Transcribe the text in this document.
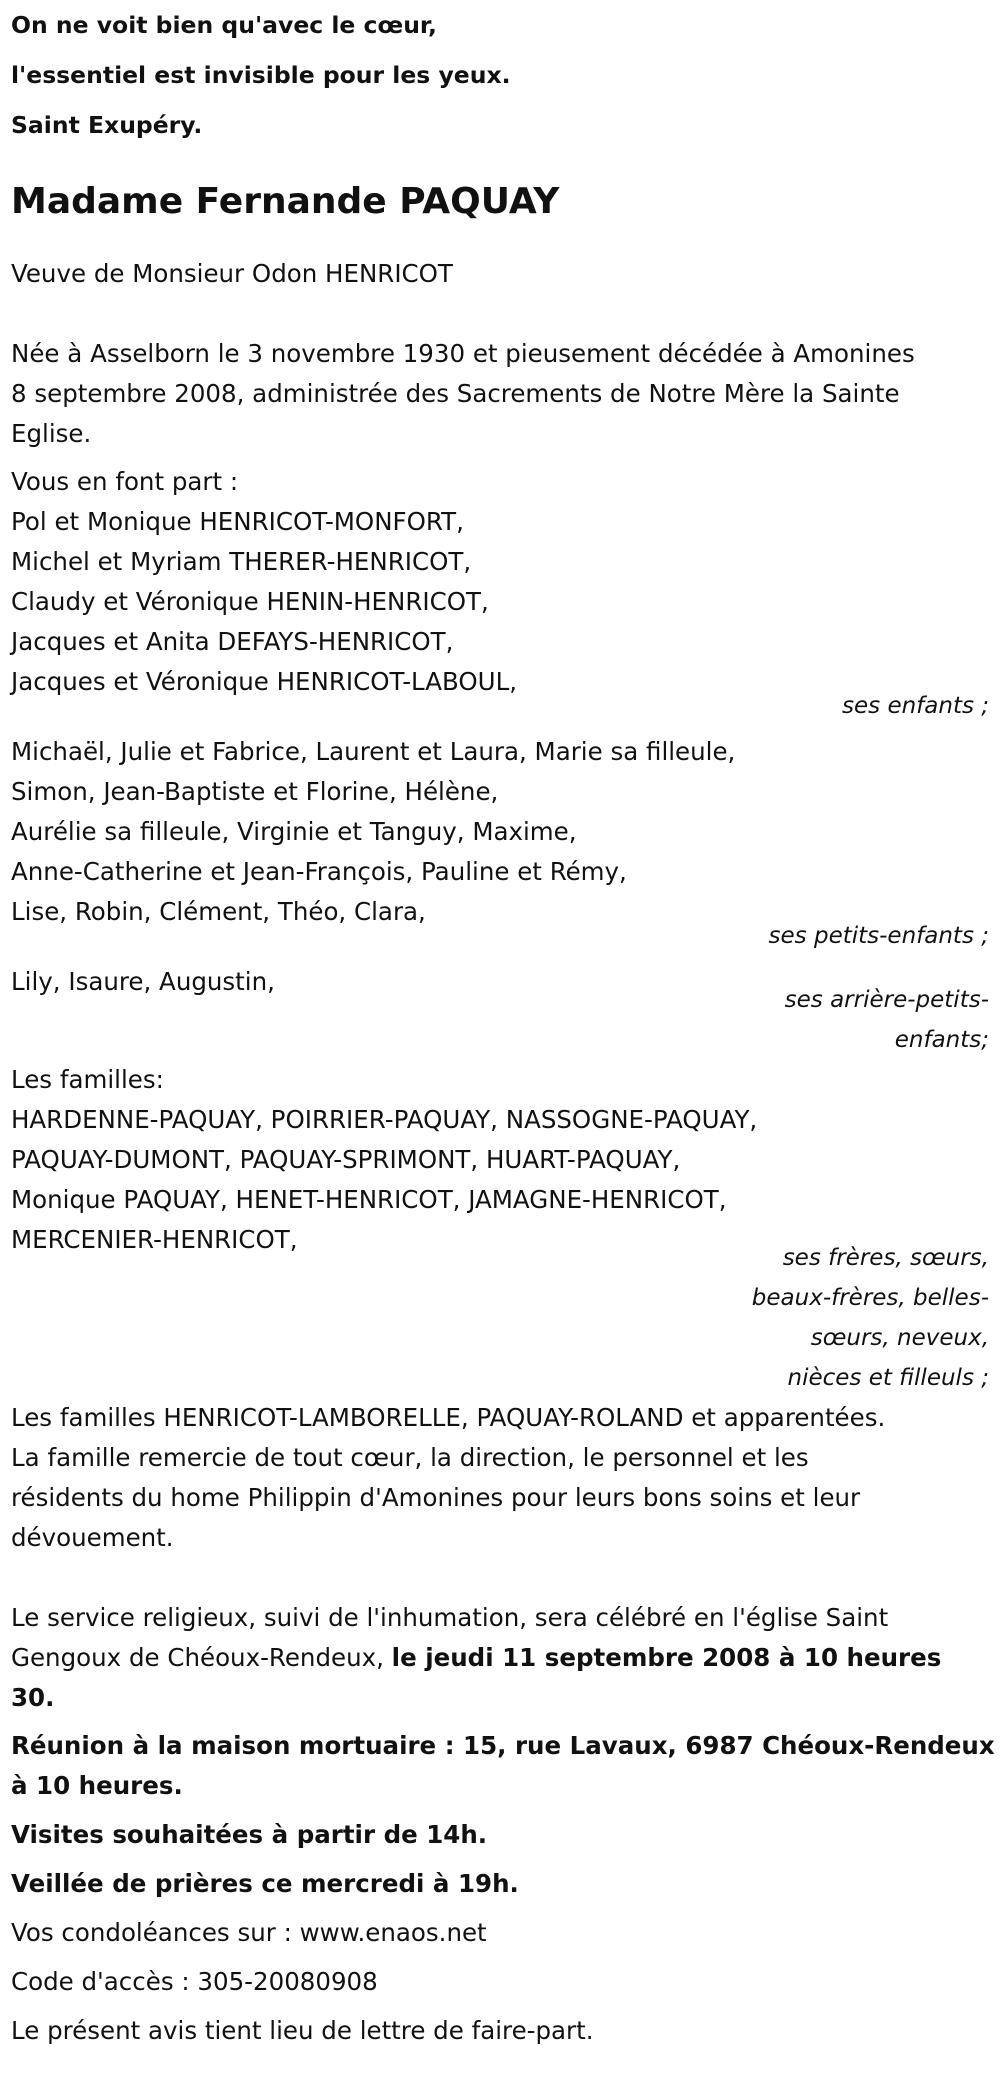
On ne voit bien qu'avec le cœur,
l'essentiel est invisible pour les yeux.
Saint Exupéry.
Madame Fernande PAQUAY
Veuve de Monsieur Odon HENRICOT
Née à Asselborn le 3 novembre 1930 et pieusement décédée à Amonines
8 septembre 2008, administrée des Sacrements de Notre Mère la Sainte
Eglise.
Vous en font part :
Pol et Monique HENRICOT-MONFORT,
Michel et Myriam THERER-HENRICOT,
Claudy et Véronique HENIN-HENRICOT,
Jacques et Anita DEFAYS-HENRICOT,
Jacques et Véronique HENRICOT-LABOUL,
ses enfants ;
Michaël, Julie et Fabrice, Laurent et Laura, Marie sa filleule,
Simon, Jean-Baptiste et Florine, Hélène,
Aurélie sa filleule, Virginie et Tanguy, Maxime,
Anne-Catherine et Jean-François, Pauline et Rémy,
Lise, Robin, Clément, Théo, Clara,
ses petits-enfants ;
Lily, Isaure, Augustin,
ses arrière-petits-
enfants;
Les familles:
HARDENNE-PAQUAY, POIRRIER-PAQUAY, NASSOGNE-PAQUAY,
PAQUAY-DUMONT, PAQUAY-SPRIMONT, HUART-PAQUAY,
Monique PAQUAY, HENET-HENRICOT, JAMAGNE-HENRICOT,
MERCENIER-HENRICOT,
ses frères, sœurs,
beaux-frères, belles-
sœurs, neveux,
nièces et filleuls ;
Les familles HENRICOT-LAMBORELLE, PAQUAY-ROLAND et apparentées.
La famille remercie de tout cœur, la direction, le personnel et les
résidents du home Philippin d'Amonines pour leurs bons soins et leur
dévouement.
Le service religieux, suivi de l'inhumation, sera célébré en l'église Saint
Gengoux de Chéoux-Rendeux, le jeudi 11 septembre 2008 à 10 heures
30.
Réunion à la maison mortuaire : 15, rue Lavaux, 6987 Chéoux-Rendeux
à 10 heures.
Visites souhaitées à partir de 14h.
Veillée de prières ce mercredi à 19h.
Vos condoléances sur : www.enaos.net
Code d'accès : 305-20080908
Le présent avis tient lieu de lettre de faire-part.
